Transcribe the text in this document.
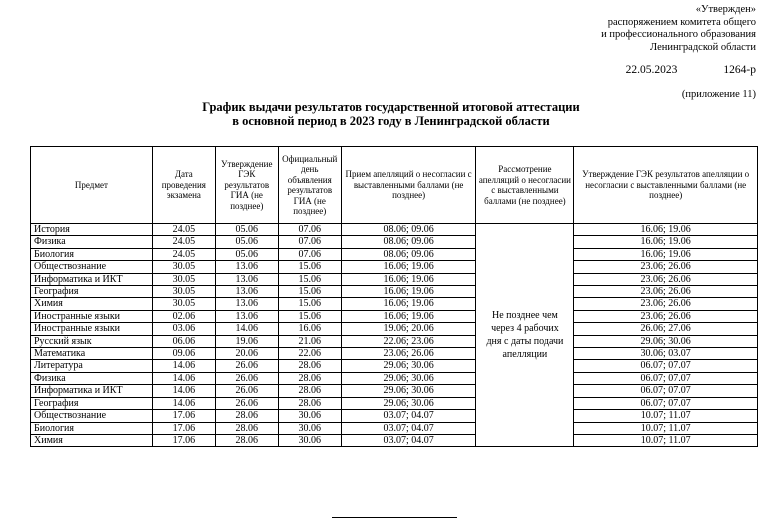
«Утвержден»
распоряжением комитета общего
и профессионального образования
Ленинградской области
22.05.2023	1264-р
(приложение 11)
График выдачи результатов государственной итоговой аттестации
в основной период в 2023 году в Ленинградской области
Предмет	Дата проведения экзамена	Утверждение ГЭК результатов ГИА (не позднее)	Официальный день объявления результатов ГИА (не позднее)	Прием апелляций о несогласии с выставленными баллами (не позднее)	Рассмотрение апелляций о несогласии с выставленными баллами (не позднее)	Утверждение ГЭК результатов апелляции о несогласии с выставленными баллами (не позднее)
История	24.05	05.06	07.06	08.06; 09.06	Не позднее чем через 4 рабочих дня с даты подачи апелляции	16.06; 19.06
Физика	24.05	05.06	07.06	08.06; 09.06		16.06; 19.06
Биология	24.05	05.06	07.06	08.06; 09.06		16.06; 19.06
Обществознание	30.05	13.06	15.06	16.06; 19.06		23.06; 26.06
Информатика и ИКТ	30.05	13.06	15.06	16.06; 19.06		23.06; 26.06
География	30.05	13.06	15.06	16.06; 19.06		23.06; 26.06
Химия	30.05	13.06	15.06	16.06; 19.06		23.06; 26.06
Иностранные языки	02.06	13.06	15.06	16.06; 19.06		23.06; 26.06
Иностранные языки	03.06	14.06	16.06	19.06; 20.06		26.06; 27.06
Русский язык	06.06	19.06	21.06	22.06; 23.06		29.06; 30.06
Математика	09.06	20.06	22.06	23.06; 26.06		30.06; 03.07
Литература	14.06	26.06	28.06	29.06; 30.06		06.07; 07.07
Физика	14.06	26.06	28.06	29.06; 30.06		06.07; 07.07
Информатика и ИКТ	14.06	26.06	28.06	29.06; 30.06		06.07; 07.07
География	14.06	26.06	28.06	29.06; 30.06		06.07; 07.07
Обществознание	17.06	28.06	30.06	03.07; 04.07		10.07; 11.07
Биология	17.06	28.06	30.06	03.07; 04.07		10.07; 11.07
Химия	17.06	28.06	30.06	03.07; 04.07		10.07; 11.07
